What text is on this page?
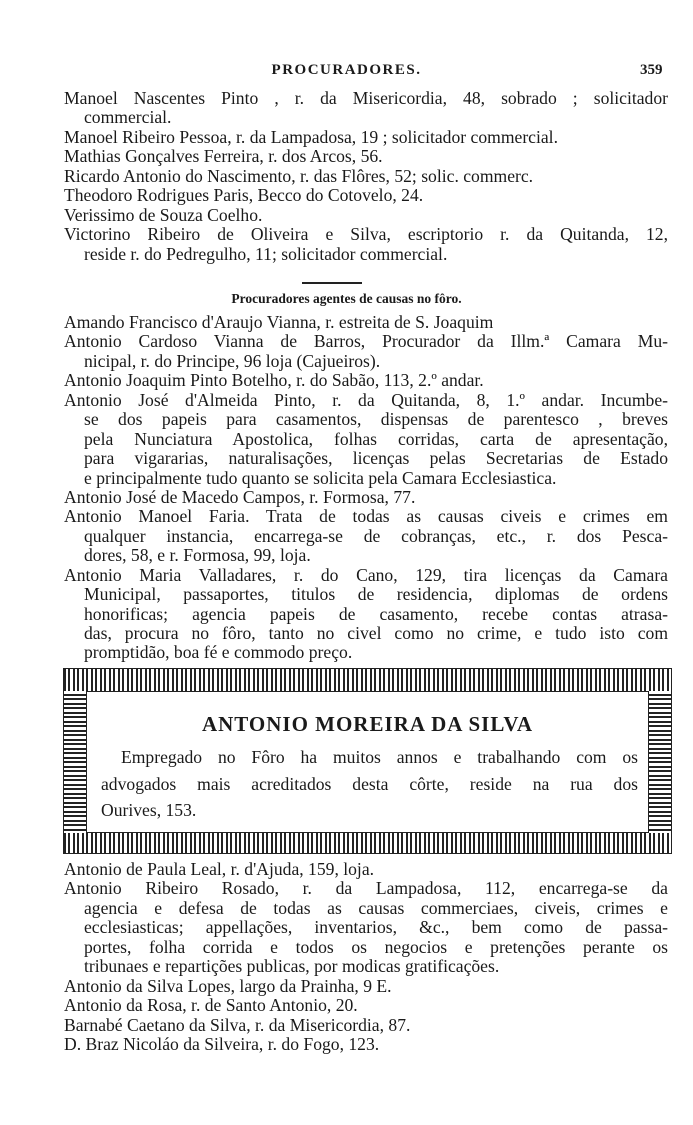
PROCURADORES.	359
Manoel Nascentes Pinto , r. da Misericordia, 48, sobrado ; solicitador
commercial.
Manoel Ribeiro Pessoa, r. da Lampadosa, 19 ; solicitador commercial.
Mathias Gonçalves Ferreira, r. dos Arcos, 56.
Ricardo Antonio do Nascimento, r. das Flôres, 52; solic. commerc.
Theodoro Rodrigues Paris, Becco do Cotovelo, 24.
Verissimo de Souza Coelho.
Victorino Ribeiro de Oliveira e Silva, escriptorio r. da Quitanda, 12,
reside r. do Pedregulho, 11; solicitador commercial.
Procuradores agentes de causas no fôro.
Amando Francisco d'Araujo Vianna, r. estreita de S. Joaquim
Antonio Cardoso Vianna de Barros, Procurador da Illm.ª Camara Mu-
nicipal, r. do Principe, 96 loja (Cajueiros).
Antonio Joaquim Pinto Botelho, r. do Sabão, 113, 2.º andar.
Antonio José d'Almeida Pinto, r. da Quitanda, 8, 1.º andar. Incumbe-
se dos papeis para casamentos, dispensas de parentesco , breves
pela Nunciatura Apostolica, folhas corridas, carta de apresentação,
para vigararias, naturalisações, licenças pelas Secretarias de Estado
e principalmente tudo quanto se solicita pela Camara Ecclesiastica.
Antonio José de Macedo Campos, r. Formosa, 77.
Antonio Manoel Faria. Trata de todas as causas civeis e crimes em
qualquer instancia, encarrega-se de cobranças, etc., r. dos Pesca-
dores, 58, e r. Formosa, 99, loja.
Antonio Maria Valladares, r. do Cano, 129, tira licenças da Camara
Municipal, passaportes, titulos de residencia, diplomas de ordens
honorificas; agencia papeis de casamento, recebe contas atrasa-
das, procura no fôro, tanto no civel como no crime, e tudo isto com
promptidão, boa fé e commodo preço.
ANTONIO MOREIRA DA SILVA
Empregado no Fôro ha muitos annos e trabalhando com os
advogados mais acreditados desta côrte, reside na rua dos
Ourives, 153.
Antonio de Paula Leal, r. d'Ajuda, 159, loja.
Antonio Ribeiro Rosado, r. da Lampadosa, 112, encarrega-se da
agencia e defesa de todas as causas commerciaes, civeis, crimes e
ecclesiasticas; appellações, inventarios, &c., bem como de passa-
portes, folha corrida e todos os negocios e pretenções perante os
tribunaes e repartições publicas, por modicas gratificações.
Antonio da Silva Lopes, largo da Prainha, 9 E.
Antonio da Rosa, r. de Santo Antonio, 20.
Barnabé Caetano da Silva, r. da Misericordia, 87.
D. Braz Nicoláo da Silveira, r. do Fogo, 123.
